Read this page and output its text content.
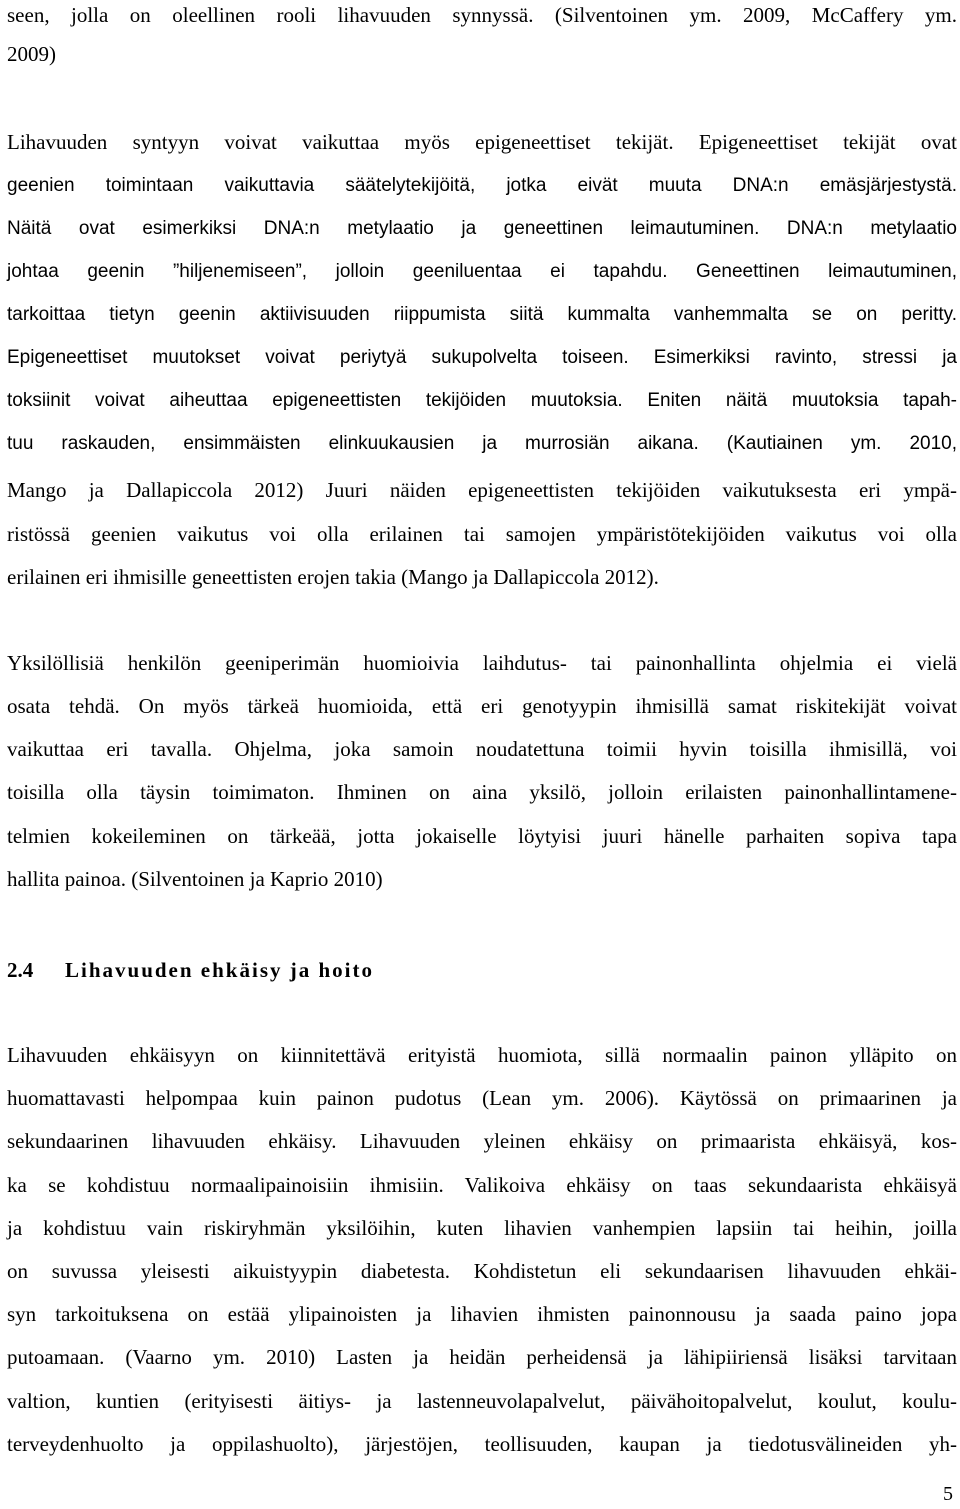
seen, jolla on oleellinen rooli lihavuuden synnyssä. (Silventoinen ym. 2009, McCaffery ym.
2009)
Lihavuuden syntyyn voivat vaikuttaa myös epigeneettiset tekijät. Epigeneettiset tekijät ovat
geenien toimintaan vaikuttavia säätelytekijöitä, jotka eivät muuta DNA:n emäsjärjestystä.
Näitä ovat esimerkiksi DNA:n metylaatio ja geneettinen leimautuminen. DNA:n metylaatio
johtaa geenin ”hiljenemiseen”, jolloin geeniluentaa ei tapahdu. Geneettinen leimautuminen,
tarkoittaa tietyn geenin aktiivisuuden riippumista siitä kummalta vanhemmalta se on peritty.
Epigeneettiset muutokset voivat periytyä sukupolvelta toiseen. Esimerkiksi ravinto, stressi ja
toksiinit voivat aiheuttaa epigeneettisten tekijöiden muutoksia. Eniten näitä muutoksia tapah-
tuu raskauden, ensimmäisten elinkuukausien ja murrosiän aikana. (Kautiainen ym. 2010,
Mango ja Dallapiccola 2012) Juuri näiden epigeneettisten tekijöiden vaikutuksesta eri ympä-
ristössä geenien vaikutus voi olla erilainen tai samojen ympäristötekijöiden vaikutus voi olla
erilainen eri ihmisille geneettisten erojen takia (Mango ja Dallapiccola 2012).
Yksilöllisiä henkilön geeniperimän huomioivia laihdutus- tai painonhallinta ohjelmia ei vielä
osata tehdä. On myös tärkeä huomioida, että eri genotyypin ihmisillä samat riskitekijät voivat
vaikuttaa eri tavalla. Ohjelma, joka samoin noudatettuna toimii hyvin toisilla ihmisillä, voi
toisilla olla täysin toimimaton. Ihminen on aina yksilö, jolloin erilaisten painonhallintamene-
telmien kokeileminen on tärkeää, jotta jokaiselle löytyisi juuri hänelle parhaiten sopiva tapa
hallita painoa. (Silventoinen ja Kaprio 2010)
2.4 Lihavuuden ehkäisy ja hoito
Lihavuuden ehkäisyyn on kiinnitettävä erityistä huomiota, sillä normaalin painon ylläpito on
huomattavasti helpompaa kuin painon pudotus (Lean ym. 2006). Käytössä on primaarinen ja
sekundaarinen lihavuuden ehkäisy. Lihavuuden yleinen ehkäisy on primaarista ehkäisyä, kos-
ka se kohdistuu normaalipainoisiin ihmisiin. Valikoiva ehkäisy on taas sekundaarista ehkäisyä
ja kohdistuu vain riskiryhmän yksilöihin, kuten lihavien vanhempien lapsiin tai heihin, joilla
on suvussa yleisesti aikuistyypin diabetesta. Kohdistetun eli sekundaarisen lihavuuden ehkäi-
syn tarkoituksena on estää ylipainoisten ja lihavien ihmisten painonnousu ja saada paino jopa
putoamaan. (Vaarno ym. 2010) Lasten ja heidän perheidensä ja lähipiiriensä lisäksi tarvitaan
valtion, kuntien (erityisesti äitiys- ja lastenneuvolapalvelut, päivähoitopalvelut, koulut, koulu-
terveydenhuolto ja oppilashuolto), järjestöjen, teollisuuden, kaupan ja tiedotusvälineiden yh-
5
